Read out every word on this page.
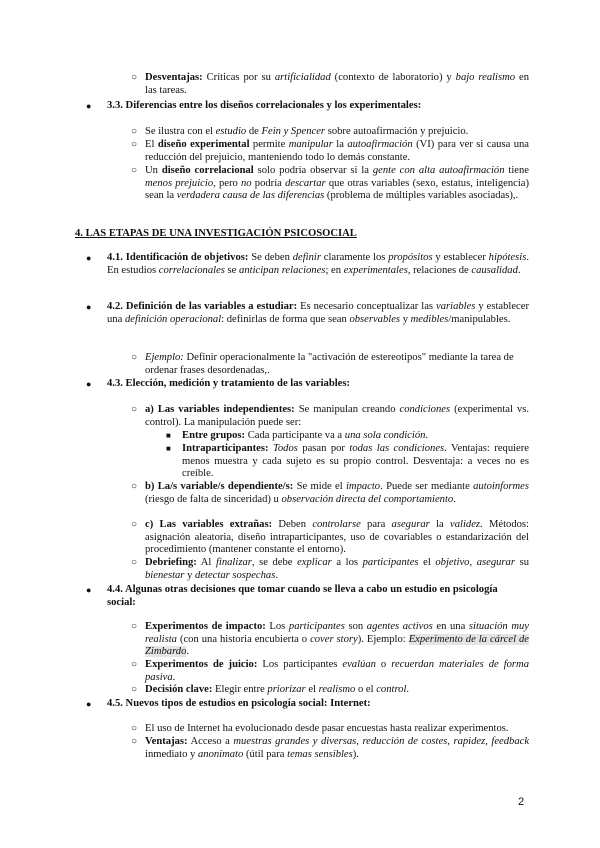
○ Desventajas: Críticas por su artificialidad (contexto de laboratorio) y bajo realismo en las tareas.
● 3.3. Diferencias entre los diseños correlacionales y los experimentales:
○ Se ilustra con el estudio de Fein y Spencer sobre autoafirmación y prejuicio.
○ El diseño experimental permite manipular la autoafirmación (VI) para ver si causa una reducción del prejuicio, manteniendo todo lo demás constante.
○ Un diseño correlacional solo podría observar si la gente con alta autoafirmación tiene menos prejuicio, pero no podría descartar que otras variables (sexo, estatus, inteligencia) sean la verdadera causa de las diferencias (problema de múltiples variables asociadas),.
4. LAS ETAPAS DE UNA INVESTIGACIÓN PSICOSOCIAL
● 4.1. Identificación de objetivos: Se deben definir claramente los propósitos y establecer hipótesis. En estudios correlacionales se anticipan relaciones; en experimentales, relaciones de causalidad.
● 4.2. Definición de las variables a estudiar: Es necesario conceptualizar las variables y establecer una definición operacional: definirlas de forma que sean observables y medibles/manipulables.
○ Ejemplo: Definir operacionalmente la "activación de estereotipos" mediante la tarea de ordenar frases desordenadas,.
● 4.3. Elección, medición y tratamiento de las variables:
○ a) Las variables independientes: Se manipulan creando condiciones (experimental vs. control). La manipulación puede ser:
■ Entre grupos: Cada participante va a una sola condición.
■ Intraparticipantes: Todos pasan por todas las condiciones. Ventajas: requiere menos muestra y cada sujeto es su propio control. Desventaja: a veces no es creíble.
○ b) La/s variable/s dependiente/s: Se mide el impacto. Puede ser mediante autoinformes (riesgo de falta de sinceridad) u observación directa del comportamiento.
○ c) Las variables extrañas: Deben controlarse para asegurar la validez. Métodos: asignación aleatoria, diseño intraparticipantes, uso de covariables o estandarización del procedimiento (mantener constante el entorno).
○ Debriefing: Al finalizar, se debe explicar a los participantes el objetivo, asegurar su bienestar y detectar sospechas.
● 4.4. Algunas otras decisiones que tomar cuando se lleva a cabo un estudio en psicología social:
○ Experimentos de impacto: Los participantes son agentes activos en una situación muy realista (con una historia encubierta o cover story). Ejemplo: Experimento de la cárcel de Zimbardo.
○ Experimentos de juicio: Los participantes evalúan o recuerdan materiales de forma pasiva.
○ Decisión clave: Elegir entre priorizar el realismo o el control.
● 4.5. Nuevos tipos de estudios en psicología social: Internet:
○ El uso de Internet ha evolucionado desde pasar encuestas hasta realizar experimentos.
○ Ventajas: Acceso a muestras grandes y diversas, reducción de costes, rapidez, feedback inmediato y anonimato (útil para temas sensibles).
2
